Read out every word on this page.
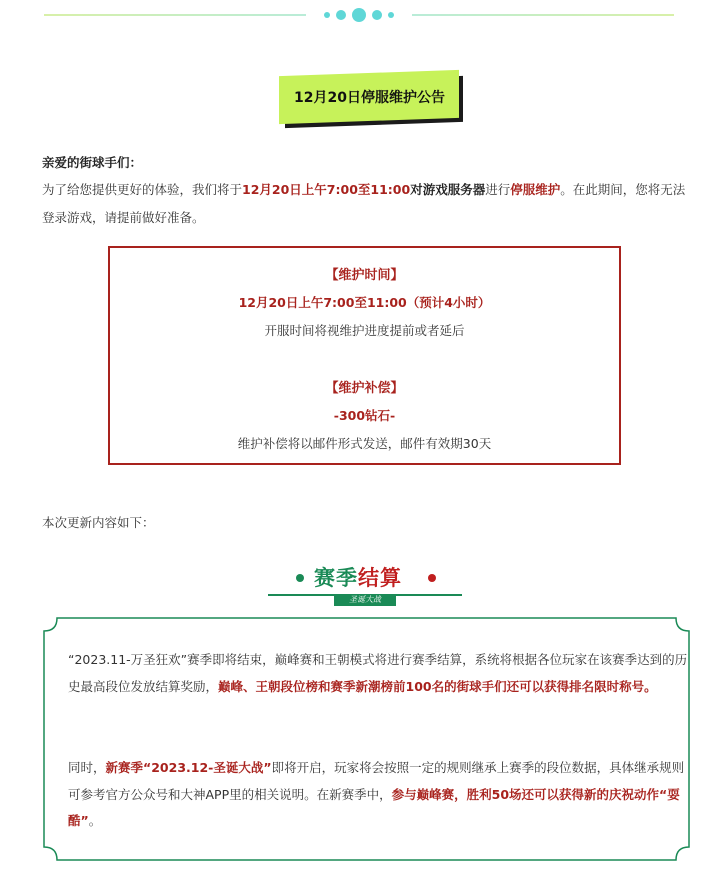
12月20日停服维护公告
亲爱的街球手们：
为了给您提供更好的体验，我们将于12月20日上午7:00至11:00对游戏服务器进行停服维护。在此期间，您将无法登录游戏，请提前做好准备。
【维护时间】
12月20日上午7:00至11:00（预计4小时）
开服时间将视维护进度提前或者延后
【维护补偿】
-300钻石-
维护补偿将以邮件形式发送，邮件有效期30天
本次更新内容如下：
赛季结算
圣诞大战
“2023.11-万圣狂欢”赛季即将结束，巅峰赛和王朝模式将进行赛季结算，系统将根据各位玩家在该赛季达到的历史最高段位发放结算奖励，巅峰、王朝段位榜和赛季新潮榜前100名的街球手们还可以获得排名限时称号。
同时，新赛季“2023.12-圣诞大战”即将开启，玩家将会按照一定的规则继承上赛季的段位数据，具体继承规则可参考官方公众号和大神APP里的相关说明。在新赛季中，参与巅峰赛，胜利50场还可以获得新的庆祝动作“耍酷”。
